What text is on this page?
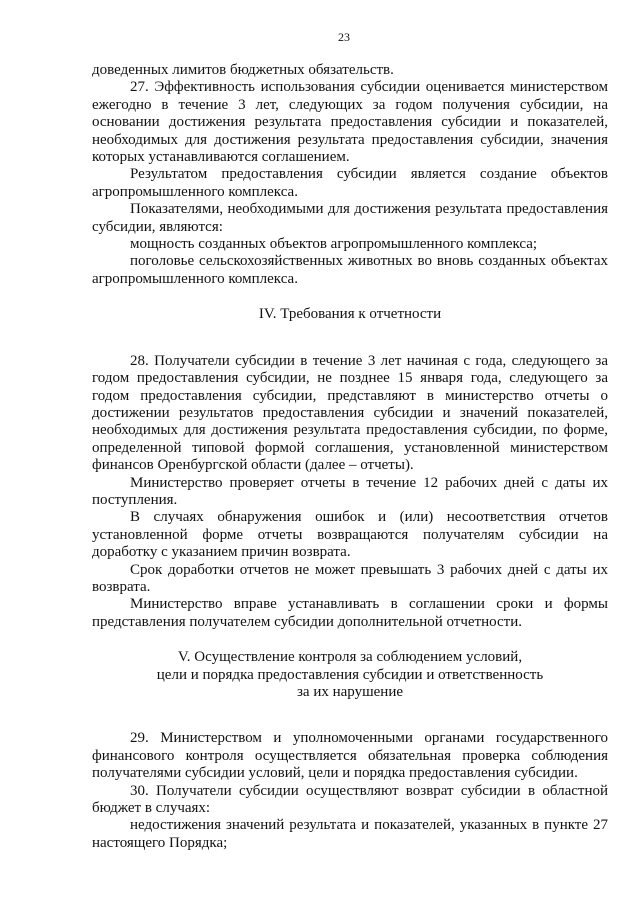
23

доведенных лимитов бюджетных обязательств.

27. Эффективность использования субсидии оценивается министерством ежегодно в течение 3 лет, следующих за годом получения субсидии, на основании достижения результата предоставления субсидии и показателей, необходимых для достижения результата предоставления субсидии, значения которых устанавливаются соглашением.

Результатом предоставления субсидии является создание объектов агропромышленного комплекса.

Показателями, необходимыми для достижения результата предоставления субсидии, являются:

мощность созданных объектов агропромышленного комплекса;

поголовье сельскохозяйственных животных во вновь созданных объектах агропромышленного комплекса.

IV. Требования к отчетности

28. Получатели субсидии в течение 3 лет начиная с года, следующего за годом предоставления субсидии, не позднее 15 января года, следующего за годом предоставления субсидии, представляют в министерство отчеты о достижении результатов предоставления субсидии и значений показателей, необходимых для достижения результата предоставления субсидии, по форме, определенной типовой формой соглашения, установленной министерством финансов Оренбургской области (далее – отчеты).

Министерство проверяет отчеты в течение 12 рабочих дней с даты их поступления.

В случаях обнаружения ошибок и (или) несоответствия отчетов установленной форме отчеты возвращаются получателям субсидии на доработку с указанием причин возврата.

Срок доработки отчетов не может превышать 3 рабочих дней с даты их возврата.

Министерство вправе устанавливать в соглашении сроки и формы представления получателем субсидии дополнительной отчетности.

V. Осуществление контроля за соблюдением условий,

цели и порядка предоставления субсидии и ответственность

за их нарушение

29. Министерством и уполномоченными органами государственного финансового контроля осуществляется обязательная проверка соблюдения получателями субсидии условий, цели и порядка предоставления субсидии.

30. Получатели субсидии осуществляют возврат субсидии в областной бюджет в случаях:

недостижения значений результата и показателей, указанных в пункте 27 настоящего Порядка;
